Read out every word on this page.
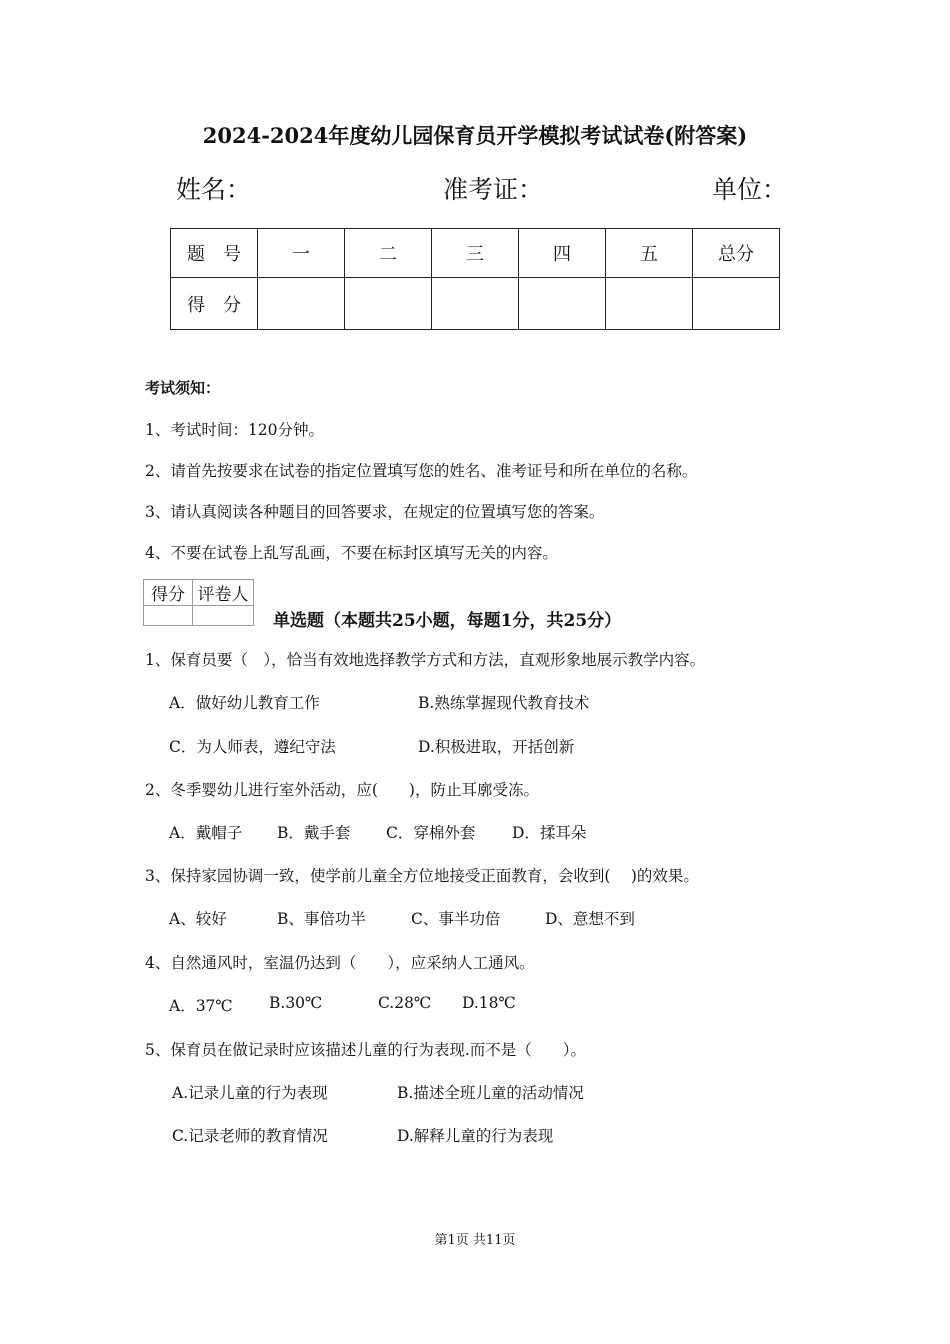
2024-2024年度幼儿园保育员开学模拟考试试卷(附答案)
姓名：	准考证：	单位：
题　号	一	二	三	四	五	总分
得　分						
考试须知：
1、考试时间：120分钟。
2、请首先按要求在试卷的指定位置填写您的姓名、准考证号和所在单位的名称。
3、请认真阅读各种题目的回答要求，在规定的位置填写您的答案。
4、不要在试卷上乱写乱画，不要在标封区填写无关的内容。
得分	评卷人

单选题（本题共25小题，每题1分，共25分）
1、保育员要（　），恰当有效地选择教学方式和方法，直观形象地展示教学内容。
A．做好幼儿教育工作	B.熟练掌握现代教育技术
C．为人师表，遵纪守法	D.积极进取，开括创新
2、冬季婴幼儿进行室外活动，应(　　)，防止耳廓受冻。
A．戴帽子 B．戴手套 C．穿棉外套 D．揉耳朵
3、保持家园协调一致，使学前儿童全方位地接受正面教育，会收到(　 )的效果。
A、较好	B、事倍功半	C、事半功倍	D、意想不到
4、自然通风时，室温仍达到（　　），应采纳人工通风。
A．37℃ B.30℃	C.28℃ D.18℃
5、保育员在做记录时应该描述儿童的行为表现.而不是（　　）。
A.记录儿童的行为表现	B.描述全班儿童的活动情况
C.记录老师的教育情况	D.解释儿童的行为表现
第1页 共11页
